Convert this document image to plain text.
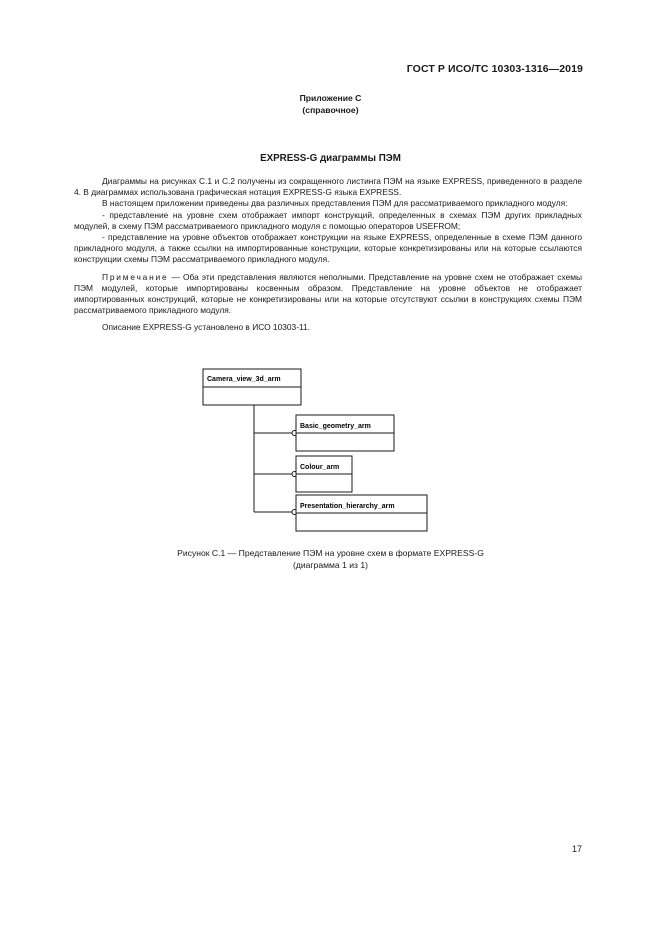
ГОСТ Р ИСО/ТС 10303-1316—2019
Приложение С
(справочное)
EXPRESS-G диаграммы ПЭМ

Диаграммы на рисунках С.1 и С.2 получены из сокращенного листинга ПЭМ на языке EXPRESS, приведенного в разделе 4. В диаграммах использована графическая нотация EXPRESS-G языка EXPRESS.

В настоящем приложении приведены два различных представления ПЭМ для рассматриваемого прикладного модуля:

- представление на уровне схем отображает импорт конструкций, определенных в схемах ПЭМ других прикладных модулей, в схему ПЭМ рассматриваемого прикладного модуля с помощью операторов USEFROM;

- представление на уровне объектов отображает конструкции на языке EXPRESS, определенные в схеме ПЭМ данного прикладного модуля, а также ссылки на импортированные конструкции, которые конкретизированы или на которые ссылаются конструкции схемы ПЭМ рассматриваемого прикладного модуля.

Примечание — Оба эти представления являются неполными. Представление на уровне схем не отображает схемы ПЭМ модулей, которые импортированы косвенным образом. Представление на уровне объектов не отображает импортированных конструкций, которые не конкретизированы или на которые отсутствуют ссылки в конструкциях схемы ПЭМ рассматриваемого прикладного модуля.

Описание EXPRESS-G установлено в ИСО 10303-11.

Camera_view_3d_arm
Basic_geometry_arm
Colour_arm
Presentation_hierarchy_arm
Рисунок С.1 — Представление ПЭМ на уровне схем в формате EXPRESS-G
(диаграмма 1 из 1)
17
